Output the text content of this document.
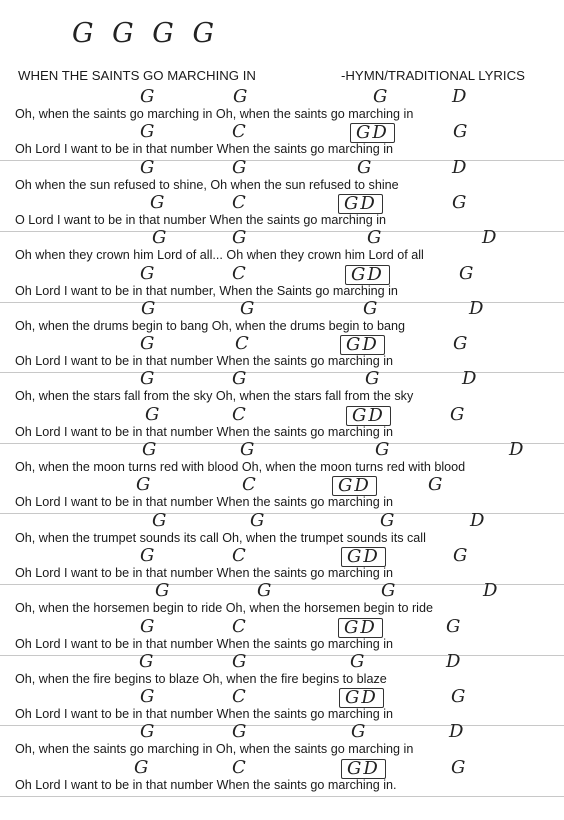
G G G G
WHEN THE SAINTS GO MARCHING IN	-HYMN/TRADITIONAL LYRICS
Oh, when the saints go marching in Oh, when the saints go marching in
G	G	G	D
Oh Lord I want to be in that number When the saints go marching in
G	C	GD	G
Oh when the sun refused to shine, Oh when the sun refused to shine
G	G	G	D
O Lord I want to be in that number When the saints go marching in
G	C	GD	G
Oh when they crown him Lord of all... Oh when they crown him Lord of all
G	G	G	D
Oh Lord I want to be in that number, When the Saints go marching in
G	C	GD	G
Oh, when the drums begin to bang Oh, when the drums begin to bang
G	G	G	D
Oh Lord I want to be in that number When the saints go marching in
G	C	GD	G
Oh, when the stars fall from the sky Oh, when the stars fall from the sky
G	G	G	D
Oh Lord I want to be in that number When the saints go marching in
G	C	GD	G
Oh, when the moon turns red with blood Oh, when the moon turns red with blood
G	G	G	D
Oh Lord I want to be in that number When the saints go marching in
G	C	GD	G
Oh, when the trumpet sounds its call Oh, when the trumpet sounds its call
G	G	G	D
Oh Lord I want to be in that number When the saints go marching in
G	C	GD	G
Oh, when the horsemen begin to ride Oh, when the horsemen begin to ride
G	G	G	D
Oh Lord I want to be in that number When the saints go marching in
G	C	GD	G
Oh, when the fire begins to blaze Oh, when the fire begins to blaze
G	G	G	D
Oh Lord I want to be in that number When the saints go marching in
G	C	GD	G
Oh, when the saints go marching in Oh, when the saints go marching in
G	G	G	D
Oh Lord I want to be in that number When the saints go marching in.
G	C	GD	G
